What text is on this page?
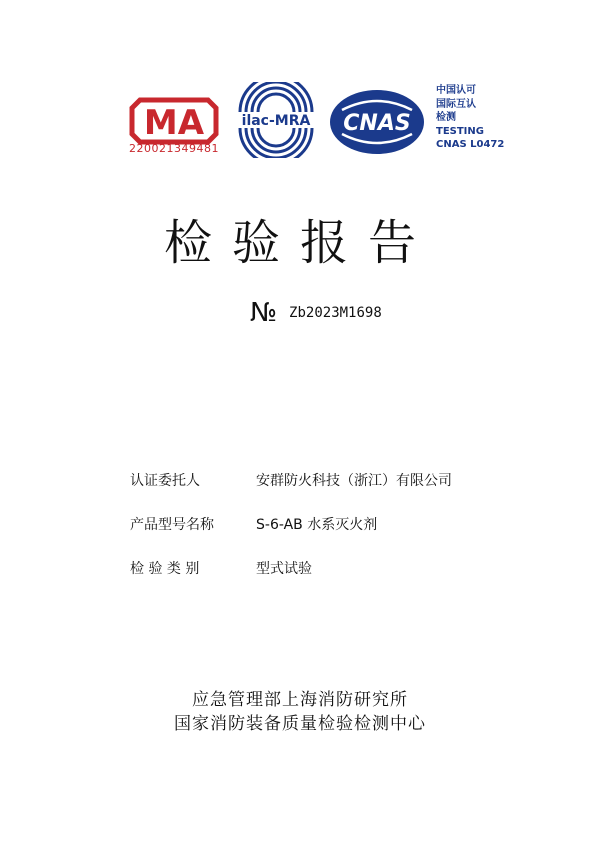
MA
220021349481
ilac-MRA CNAS
中国认可
国际互认
检测
TESTING
CNAS L0472
检验报告
№ Zb2023M1698
认证委托人	安群防火科技（浙江）有限公司
产品型号名称	S-6-AB 水系灭火剂
检 验 类 别	型式试验
应急管理部上海消防研究所
国家消防装备质量检验检测中心
